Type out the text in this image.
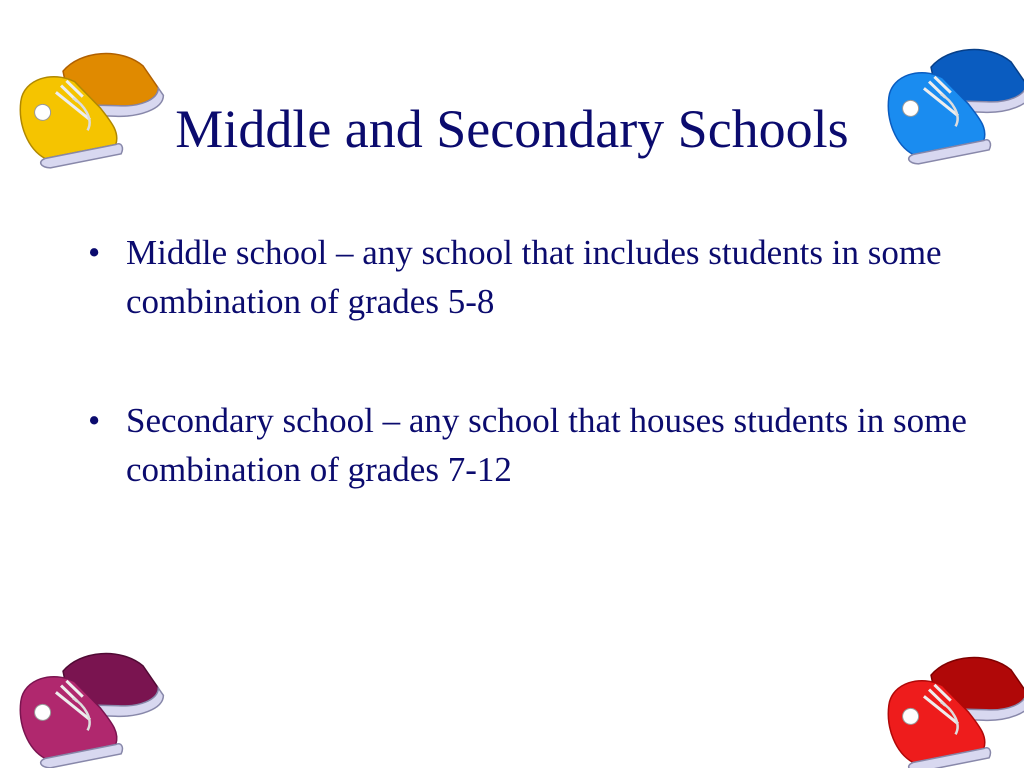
Middle and Secondary Schools
• Middle school – any school that includes students in some combination of grades 5-8
• Secondary school – any school that houses students in some combination of grades 7-12
